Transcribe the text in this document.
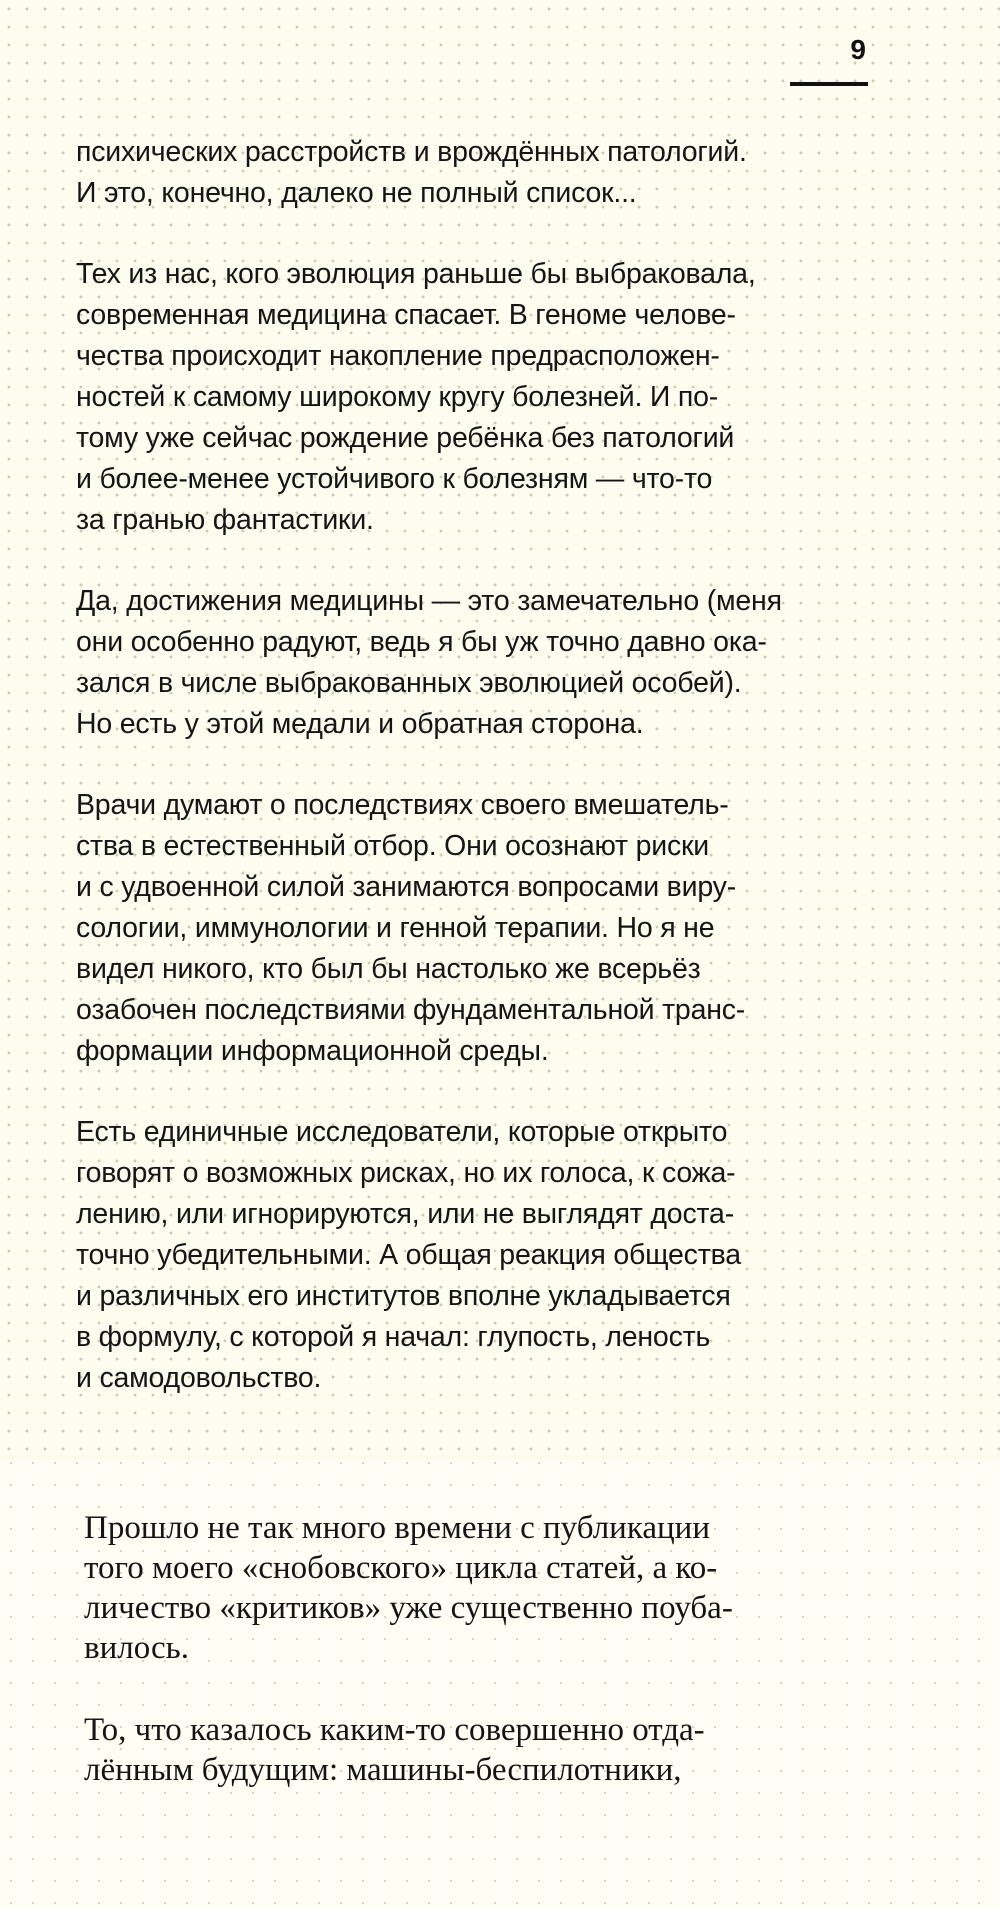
9

психических расстройств и врождённых патологий.
И это, конечно, далеко не полный список...

Тех из нас, кого эволюция раньше бы выбраковала,
современная медицина спасает. В геноме челове-
чества происходит накопление предрасположен-
ностей к самому широкому кругу болезней. И по-
тому уже сейчас рождение ребёнка без патологий
и более-менее устойчивого к болезням — что-то
за гранью фантастики.

Да, достижения медицины — это замечательно (меня
они особенно радуют, ведь я бы уж точно давно ока-
зался в числе выбракованных эволюцией особей).
Но есть у этой медали и обратная сторона.

Врачи думают о последствиях своего вмешатель-
ства в естественный отбор. Они осознают риски
и с удвоенной силой занимаются вопросами виру-
сологии, иммунологии и генной терапии. Но я не
видел никого, кто был бы настолько же всерьёз
озабочен последствиями фундаментальной транс-
формации информационной среды.

Есть единичные исследователи, которые открыто
говорят о возможных рисках, но их голоса, к сожа-
лению, или игнорируются, или не выглядят доста-
точно убедительными. А общая реакция общества
и различных его институтов вполне укладывается
в формулу, с которой я начал: глупость, леность
и самодовольство.

Прошло не так много времени с публикации
того моего «снобовского» цикла статей, а ко-
личество «критиков» уже существенно поуба-
вилось.

То, что казалось каким-то совершенно отда-
лённым будущим: машины-беспилотники,
